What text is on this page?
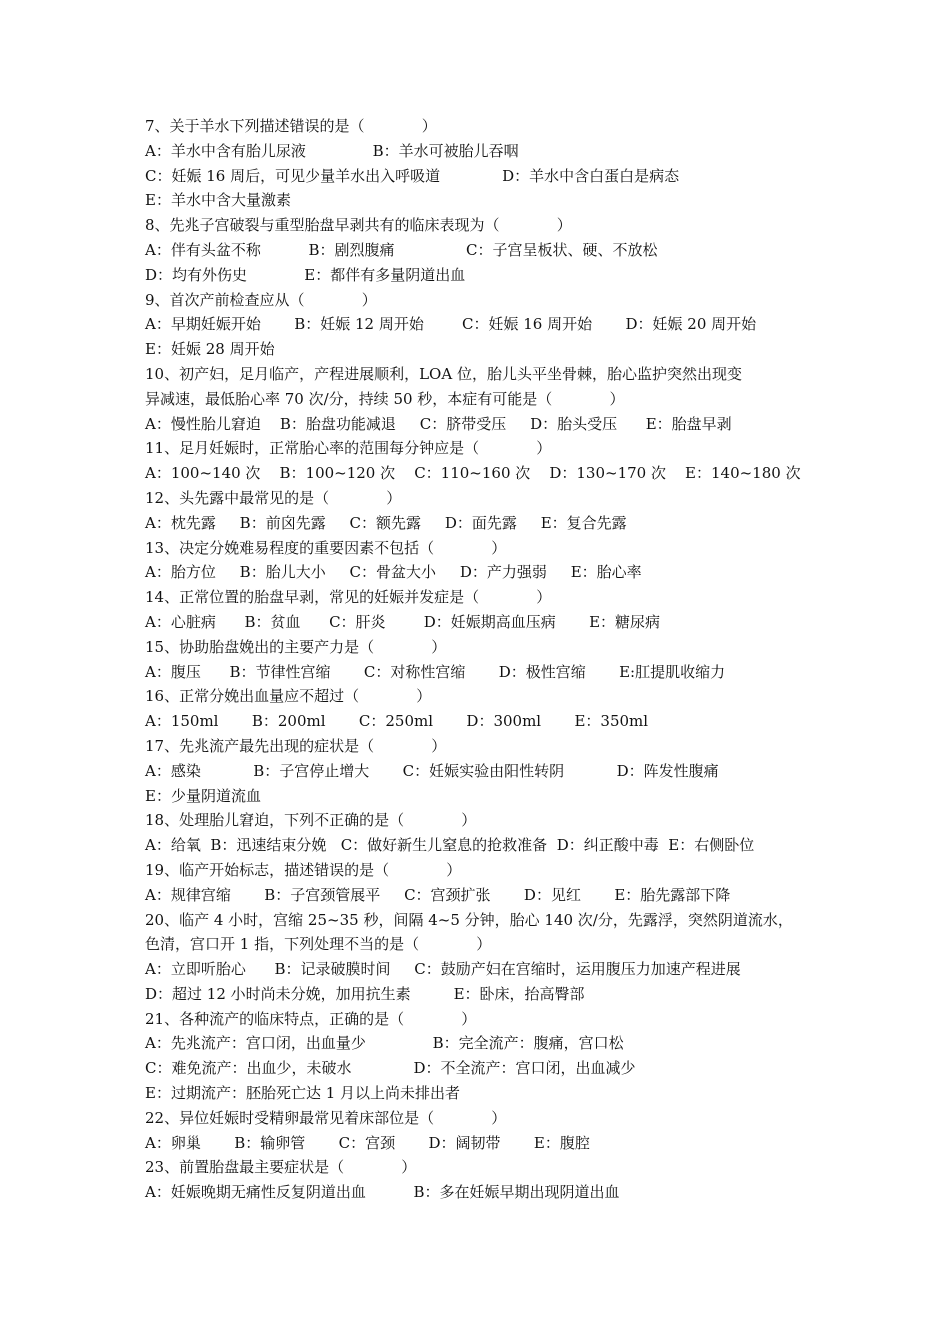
7、关于羊水下列描述错误的是（            ）
A：羊水中含有胎儿尿液              B：羊水可被胎儿吞咽
C：妊娠 16 周后，可见少量羊水出入呼吸道             D：羊水中含白蛋白是病态
E：羊水中含大量激素
8、先兆子宫破裂与重型胎盘早剥共有的临床表现为（            ）
A：伴有头盆不称          B：剧烈腹痛               C：子宫呈板状、硬、不放松
D：均有外伤史            E：都伴有多量阴道出血
9、首次产前检查应从（            ）
A：早期妊娠开始       B：妊娠 12 周开始        C：妊娠 16 周开始       D：妊娠 20 周开始
E：妊娠 28 周开始
10、初产妇，足月临产，产程进展顺利，LOA 位，胎儿头平坐骨棘，胎心监护突然出现变
异减速，最低胎心率 70 次/分，持续 50 秒，本症有可能是（            ）
A：慢性胎儿窘迫    B：胎盘功能减退     C：脐带受压     D：胎头受压      E：胎盘早剥
11、足月妊娠时，正常胎心率的范围每分钟应是（            ）
A：100~140 次    B：100~120 次    C：110~160 次    D：130~170 次    E：140~180 次
12、头先露中最常见的是（            ）
A：枕先露     B：前囟先露     C：额先露     D：面先露     E：复合先露
13、决定分娩难易程度的重要因素不包括（            ）
A：胎方位     B：胎儿大小     C：骨盆大小     D：产力强弱     E：胎心率
14、正常位置的胎盘早剥，常见的妊娠并发症是（            ）
A：心脏病      B：贫血      C：肝炎        D：妊娠期高血压病       E：糖尿病
15、协助胎盘娩出的主要产力是（            ）
A：腹压      B：节律性宫缩       C：对称性宫缩       D：极性宫缩       E:肛提肌收缩力
16、正常分娩出血量应不超过（            ）
A：150ml       B：200ml       C：250ml       D：300ml       E：350ml
17、先兆流产最先出现的症状是（            ）
A：感染           B：子宫停止增大       C：妊娠实验由阳性转阴           D：阵发性腹痛
E：少量阴道流血
18、处理胎儿窘迫，下列不正确的是（            ）
A：给氧  B：迅速结束分娩   C：做好新生儿窒息的抢救准备  D：纠正酸中毒  E：右侧卧位
19、临产开始标志，描述错误的是（            ）
A：规律宫缩       B：子宫颈管展平     C：宫颈扩张       D：见红       E：胎先露部下降
20、临产 4 小时，宫缩 25~35 秒，间隔 4~5 分钟，胎心 140 次/分，先露浮，突然阴道流水，
色清，宫口开 1 指，下列处理不当的是（            ）
A：立即听胎心      B：记录破膜时间     C：鼓励产妇在宫缩时，运用腹压力加速产程进展
D：超过 12 小时尚未分娩，加用抗生素         E：卧床，抬高臀部
21、各种流产的临床特点，正确的是（            ）
A：先兆流产：宫口闭，出血量少              B：完全流产：腹痛，宫口松
C：难免流产：出血少，未破水             D：不全流产：宫口闭，出血减少
E：过期流产：胚胎死亡达 1 月以上尚未排出者
22、异位妊娠时受精卵最常见着床部位是（            ）
A：卵巢       B：输卵管       C：宫颈       D：阔韧带       E：腹腔
23、前置胎盘最主要症状是（            ）
A：妊娠晚期无痛性反复阴道出血          B：多在妊娠早期出现阴道出血
